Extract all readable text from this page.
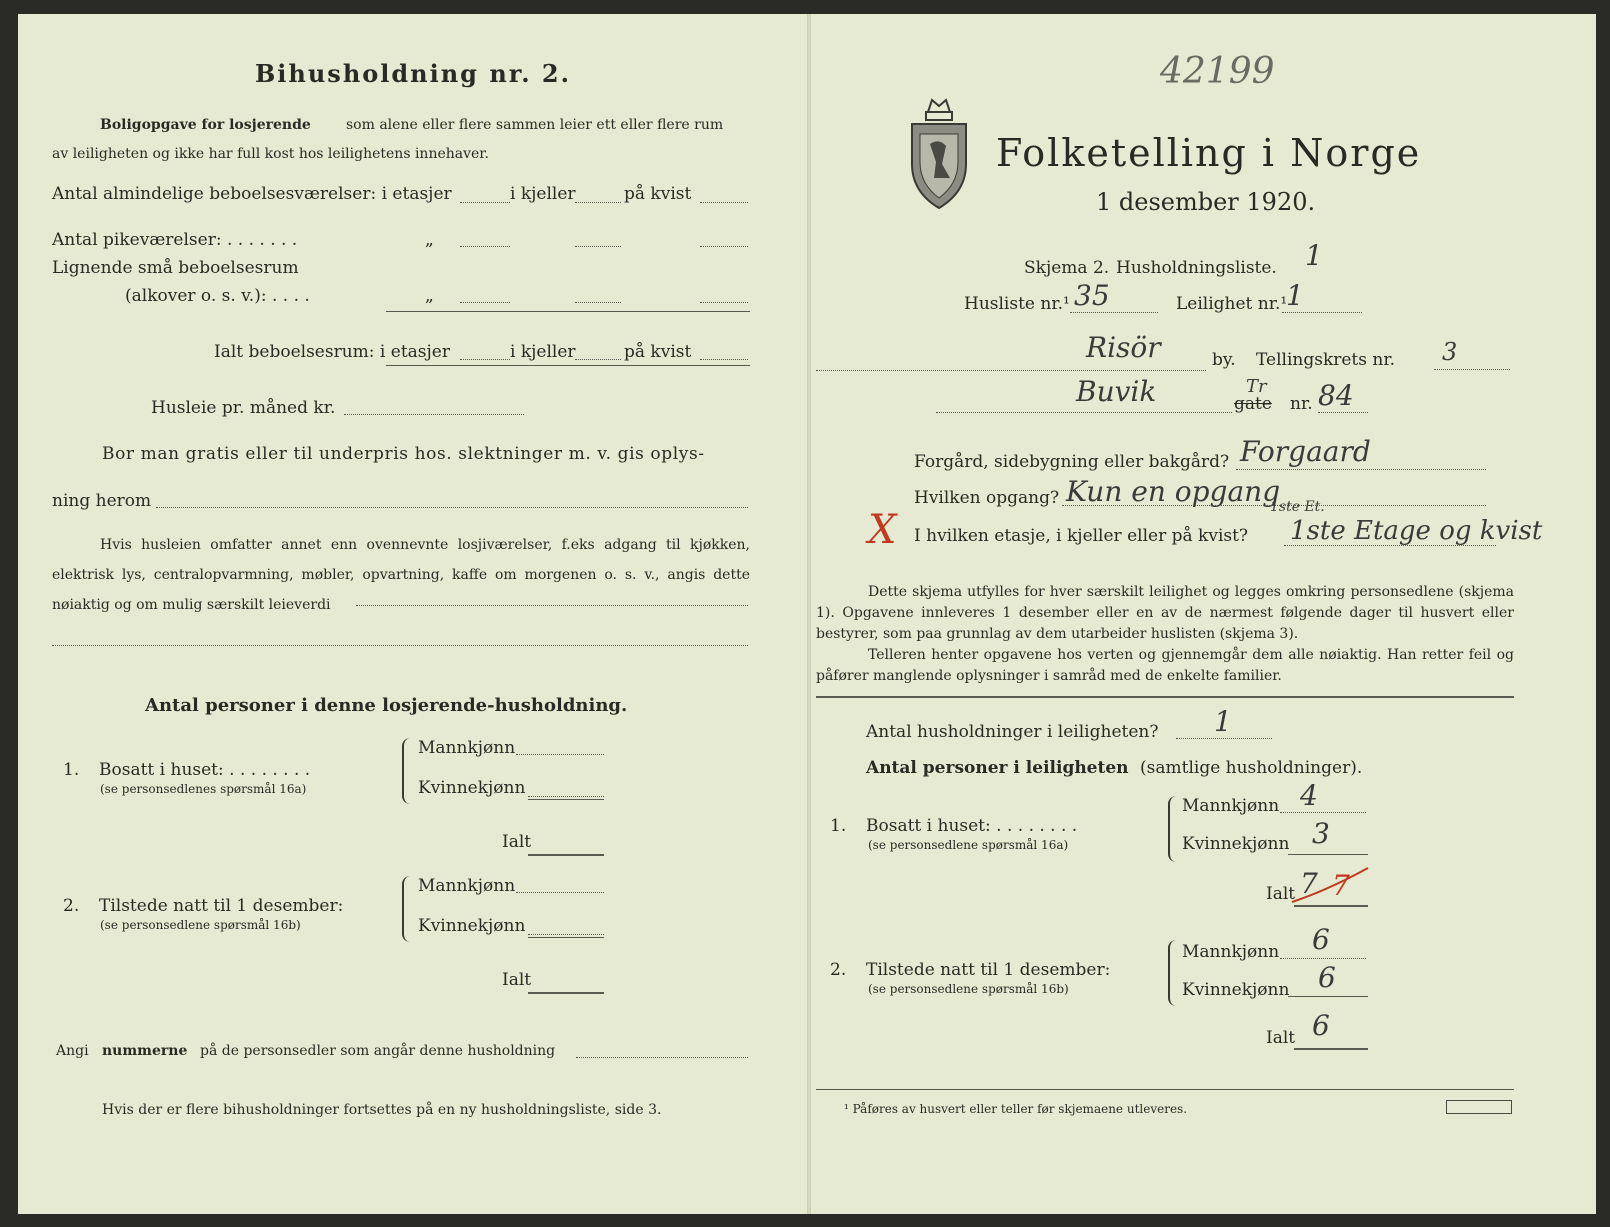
Bihusholdning nr. 2.
Boligopgave for losjerende	som alene eller flere sammen leier ett eller flere rum
av leiligheten og ikke har full kost hos leilighetens innehaver.
Antal almindelige beboelsesværelser: i etasjer	i kjeller	på kvist
Antal pikeværelser: . . . . . . .	„
Lignende små beboelsesrum
(alkover o. s. v.): . . . .	„
Ialt beboelsesrum: i etasjer	i kjeller	på kvist
Husleie pr. måned kr.
Bor man gratis eller til underpris hos. slektninger m. v. gis oplys-
ning herom
Hvis husleien omfatter annet enn ovennevnte losjiværelser, f.eks adgang til kjøkken, elektrisk lys, centralopvarmning, møbler, opvartning, kaffe om morgenen o. s. v., angis dette nøiaktig og om mulig særskilt leieverdi
Antal personer i denne losjerende-husholdning.
1. Bosatt i huset: . . . . . . . .
(se personsedlenes spørsmål 16a)
Mannkjønn
Kvinnekjønn
Ialt
2. Tilstede natt til 1 desember:
(se personsedlene spørsmål 16b)
Mannkjønn
Kvinnekjønn
Ialt
Angi nummerne på de personsedler som angår denne husholdning
Hvis der er flere bihusholdninger fortsettes på en ny husholdningsliste, side 3.
42199
Folketelling i Norge
1 desember 1920.
Skjema 2. Husholdningsliste. 1
Husliste nr.¹ 35	Leilighet nr.¹
1
Risör	by. Tellingskrets nr. 3
Buvik	Tr
gate nr. 84
Forgård, sidebygning eller bakgård? Forgaard
Hvilken opgang? Kun en opgang
X I hvilken etasje, i kjeller eller på kvist?
1ste Et.
1ste Etage og kvist
Dette skjema utfylles for hver særskilt leilighet og legges omkring personsedlene (skjema 1). Opgavene innleveres 1 desember eller en av de nærmest følgende dager til husvert eller bestyrer, som paa grunnlag av dem utarbeider huslisten (skjema 3).
Telleren henter opgavene hos verten og gjennemgår dem alle nøiaktig. Han retter feil og påfører manglende oplysninger i samråd med de enkelte familier.
Antal husholdninger i leiligheten? 1
Antal personer i leiligheten (samtlige husholdninger).
1. Bosatt i huset: . . . . . . . .
(se personsedlene spørsmål 16a)
Mannkjønn 4
Kvinnekjønn 3
Ialt 7 7
2. Tilstede natt til 1 desember:
(se personsedlene spørsmål 16b)
Mannkjønn 6
Kvinnekjønn 6
Ialt 6
¹ Påføres av husvert eller teller før skjemaene utleveres.
